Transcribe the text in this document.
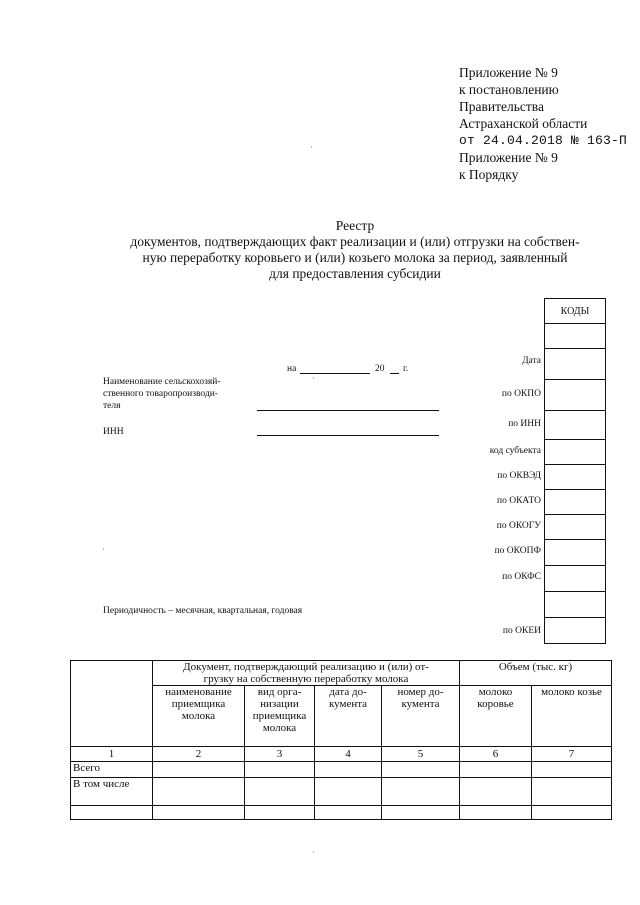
Приложение № 9
к постановлению
Правительства
Астраханской области
от 24.04.2018 № 163-П
Приложение № 9
к Порядку
Реестр
документов, подтверждающих факт реализации и (или) отгрузки на собствен-
ную переработку коровьего и (или) козьего молока за период, заявленный
для предоставления субсидии
на	20 г.
Наименование сельскохозяй-
ственного товаропроизводи-
теля
ИНН
Периодичность – месячная, квартальная, годовая
Дата
по ОКПО
по ИНН
код субъекта
по ОКВЭД
по ОКАТО
по ОКОГУ
по ОКОПФ
по ОКФС
по ОКЕИ
КОДЫ

	Документ, подтверждающий реализацию и (или) от-
грузку на собственную переработку молока				Объем (тыс. кг)	
	наименование приемщика молока	вид орга-низации приемщика молока	дата до-кумента	номер до-кумента	молоко коровье	молоко козье
1	2	3	4	5	6	7
Всего						
В том числе						

·
·
·
·
